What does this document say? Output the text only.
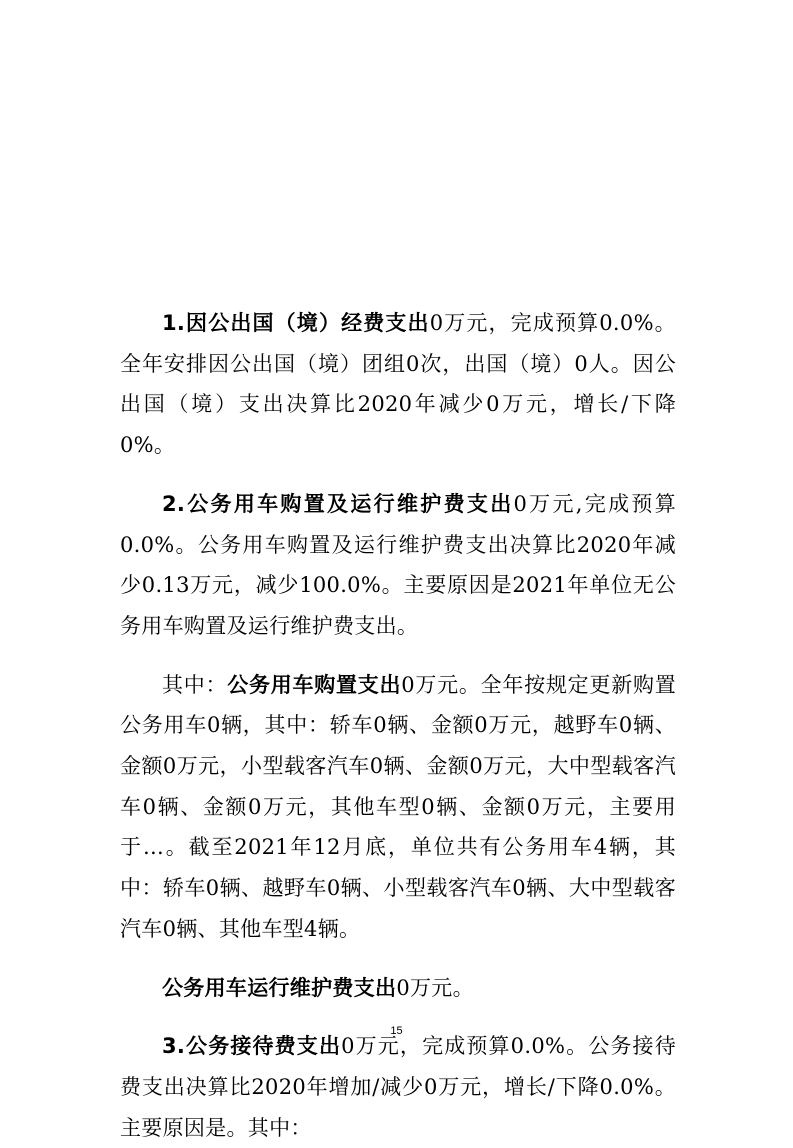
1.因公出国（境）经费支出0万元，完成预算0.0%。全年安排因公出国（境）团组0次，出国（境）0人。因公出国（境）支出决算比2020年减少0万元，增长/下降0%。

2.公务用车购置及运行维护费支出0万元,完成预算0.0%。公务用车购置及运行维护费支出决算比2020年减少0.13万元，减少100.0%。主要原因是2021年单位无公务用车购置及运行维护费支出。

其中：公务用车购置支出0万元。全年按规定更新购置公务用车0辆，其中：轿车0辆、金额0万元，越野车0辆、金额0万元，小型载客汽车0辆、金额0万元，大中型载客汽车0辆、金额0万元，其他车型0辆、金额0万元，主要用于…。截至2021年12月底，单位共有公务用车4辆，其中：轿车0辆、越野车0辆、小型载客汽车0辆、大中型载客汽车0辆、其他车型4辆。

公务用车运行维护费支出0万元。

3.公务接待费支出0万元，完成预算0.0%。公务接待费支出决算比2020年增加/减少0万元，增长/下降0.0%。主要原因是。其中：

15
